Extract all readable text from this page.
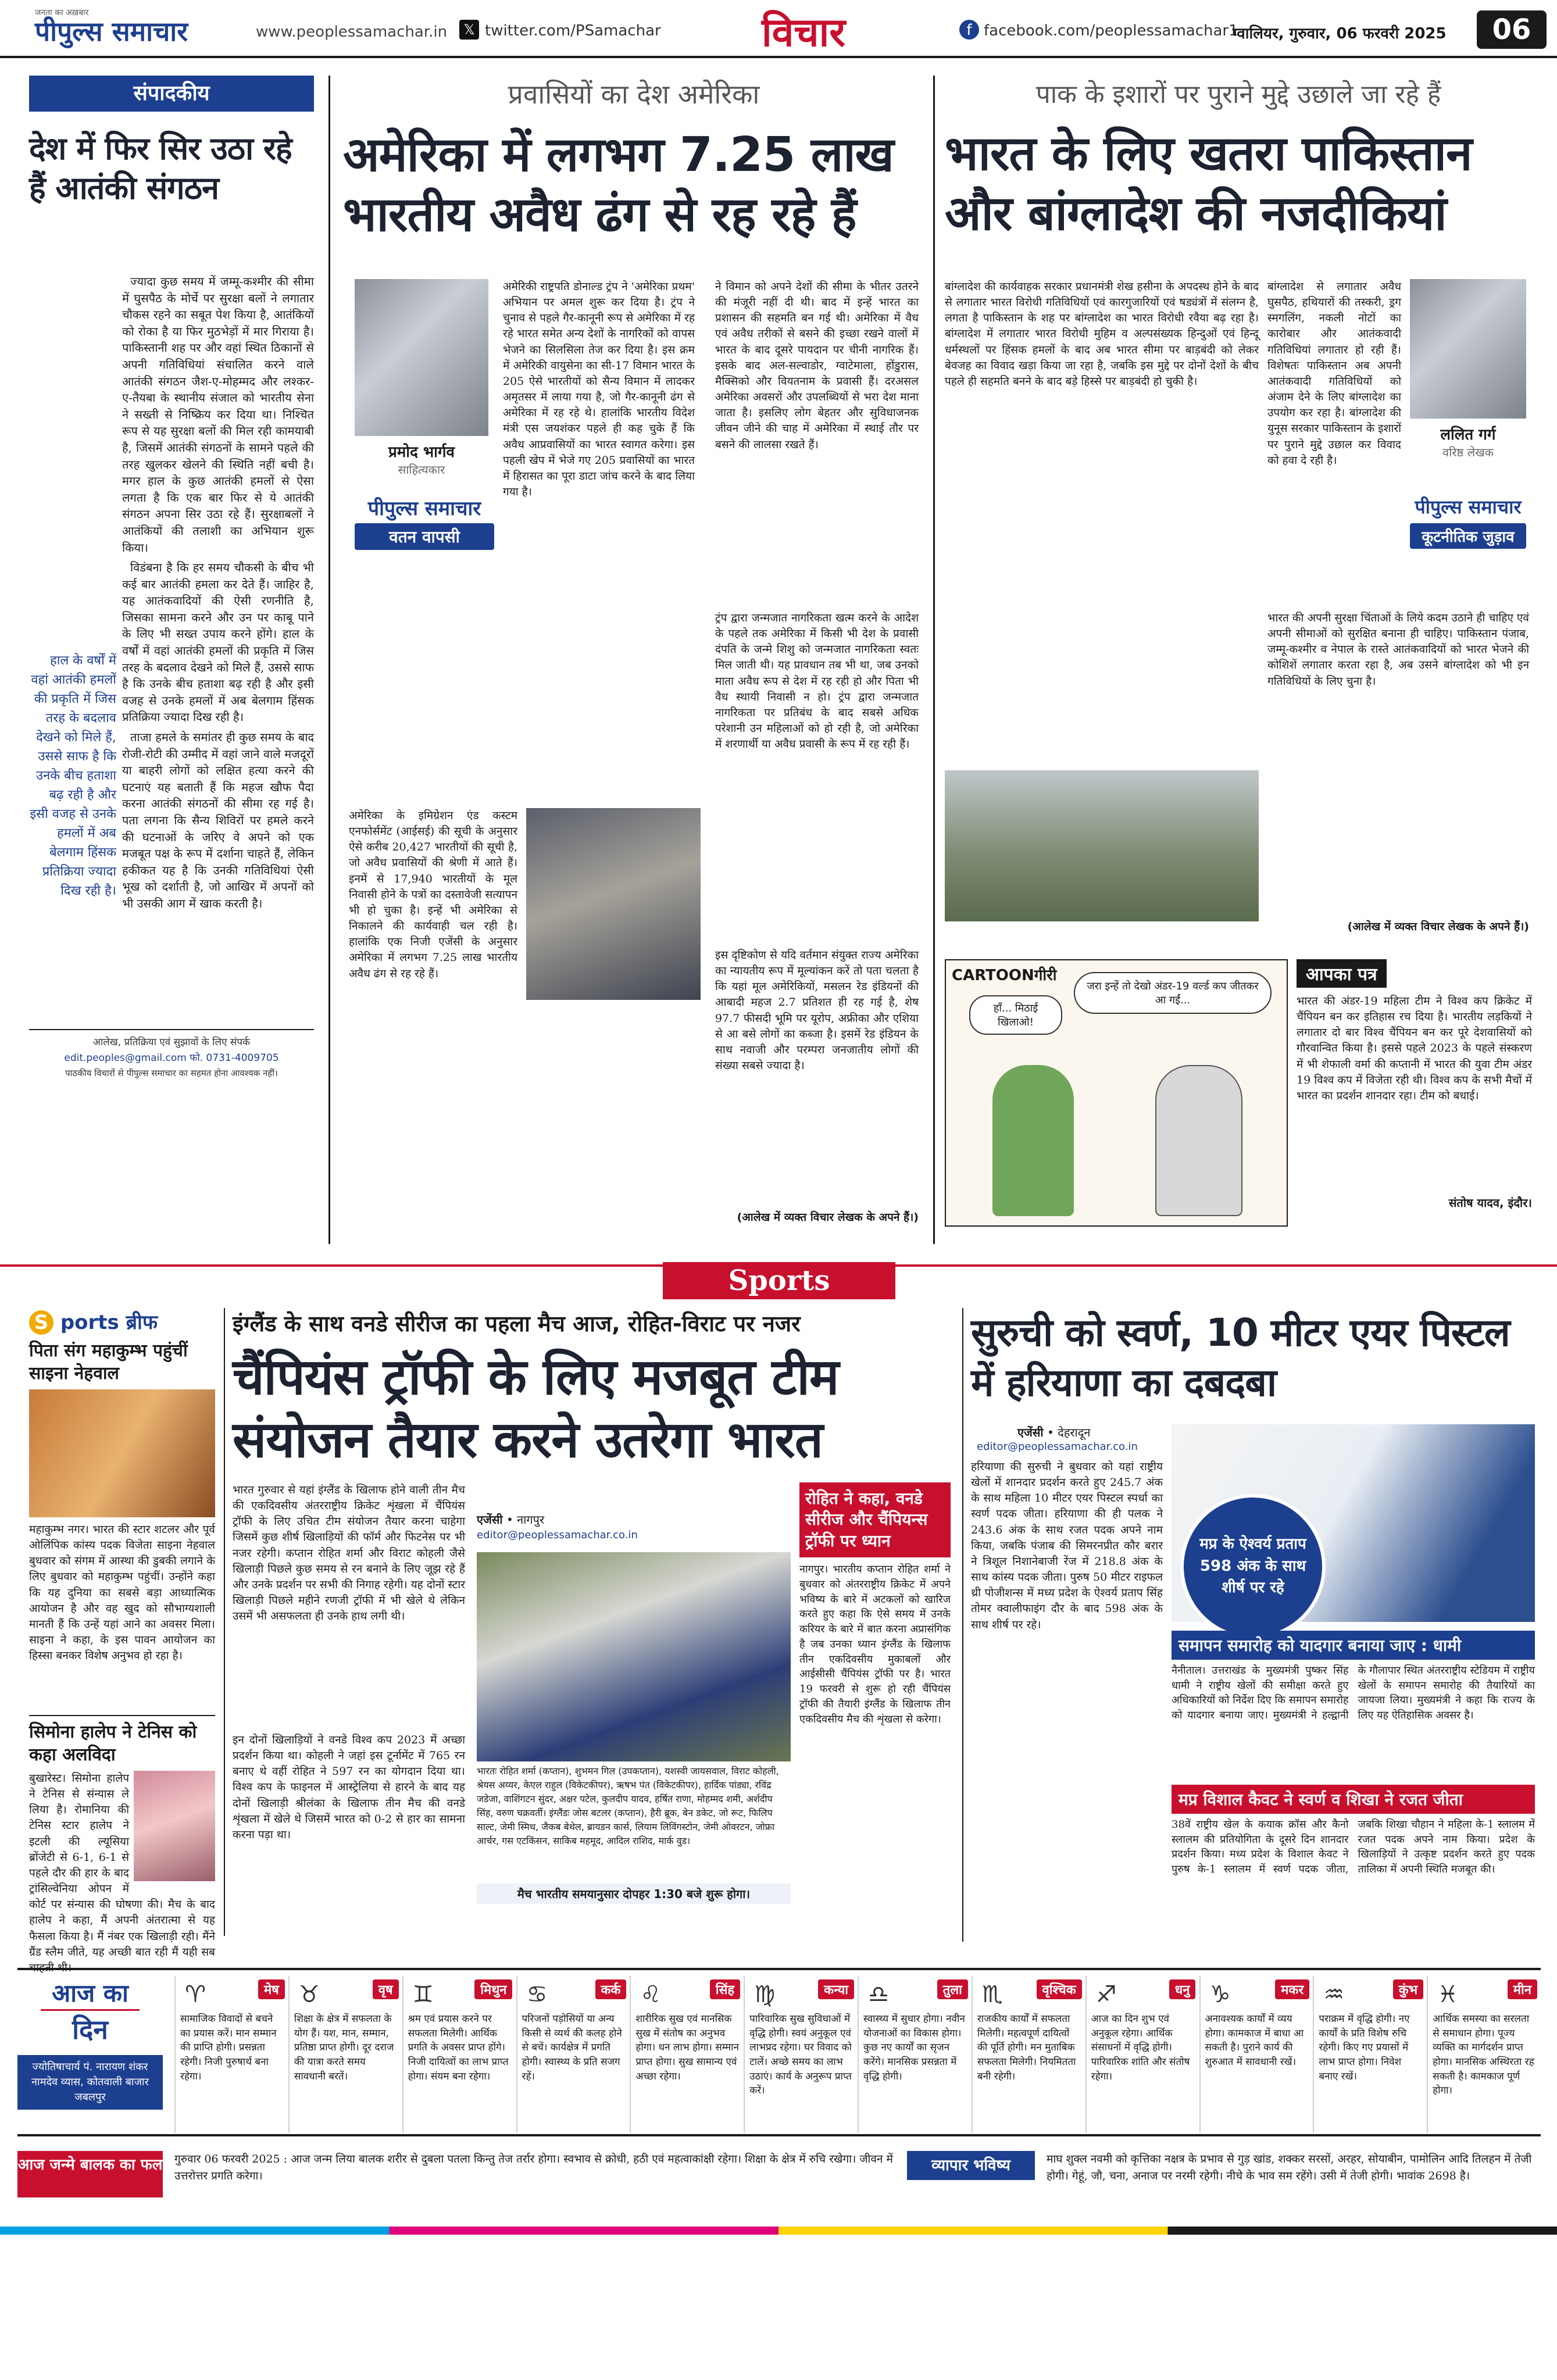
जनता का अख़बार
पीपुल्स समाचार	www.peoplessamachar.in	𝕏 twitter.com/PSamachar	विचार	f facebook.com/peoplessamachar1
ग्वालियर, गुरुवार, 06 फरवरी 2025	06
संपादकीय
देश में फिर सिर उठा रहे हैं आतंकी संगठन
हाल के वर्षों में वहां आतंकी हमलों की प्रकृति में जिस तरह के बदलाव देखने को मिले हैं, उससे साफ है कि उनके बीच हताशा बढ़ रही है और इसी वजह से उनके हमलों में अब बेलगाम हिंसक प्रतिक्रिया ज्यादा दिख रही है।

ज्यादा कुछ समय में जम्मू-कश्मीर की सीमा में घुसपैठ के मोर्चे पर सुरक्षा बलों ने लगातार चौकस रहने का सबूत पेश किया है, आतंकियों को रोका है या फिर मुठभेड़ों में मार गिराया है। पाकिस्तानी शह पर और वहां स्थित ठिकानों से अपनी गतिविधियां संचालित करने वाले आतंकी संगठन जैश-ए-मोहम्मद और लश्कर-ए-तैयबा के स्थानीय संजाल को भारतीय सेना ने सख्ती से निष्क्रिय कर दिया था। निश्चित रूप से यह सुरक्षा बलों की मिल रही कामयाबी है, जिसमें आतंकी संगठनों के सामने पहले की तरह खुलकर खेलने की स्थिति नहीं बची है। मगर हाल के कुछ आतंकी हमलों से ऐसा लगता है कि एक बार फिर से ये आतंकी संगठन अपना सिर उठा रहे हैं। सुरक्षाबलों ने आतंकियों की तलाशी का अभियान शुरू किया।

विडंबना है कि हर समय चौकसी के बीच भी कई बार आतंकी हमला कर देते हैं। जाहिर है, यह आतंकवादियों की ऐसी रणनीति है, जिसका सामना करने और उन पर काबू पाने के लिए भी सख्त उपाय करने होंगे। हाल के वर्षों में वहां आतंकी हमलों की प्रकृति में जिस तरह के बदलाव देखने को मिले हैं, उससे साफ है कि उनके बीच हताशा बढ़ रही है और इसी वजह से उनके हमलों में अब बेलगाम हिंसक प्रतिक्रिया ज्यादा दिख रही है।

ताजा हमले के समांतर ही कुछ समय के बाद रोजी-रोटी की उम्मीद में वहां जाने वाले मजदूरों या बाहरी लोगों को लक्षित हत्या करने की घटनाएं यह बताती हैं कि महज खौफ पैदा करना आतंकी संगठनों की सीमा रह गई है। पता लगना कि सैन्य शिविरों पर हमले करने की घटनाओं के जरिए वे अपने को एक मजबूत पक्ष के रूप में दर्शाना चाहते हैं, लेकिन हकीकत यह है कि उनकी गतिविधियां ऐसी भूख को दर्शाती है, जो आखिर में अपनों को भी उसकी आग में खाक करती है।

आलेख, प्रतिक्रिया एवं सुझावों के लिए संपर्क
edit.peoples@gmail.com फो. 0731-4009705
पाठकीय विचारों से पीपुल्स समाचार का सहमत होना आवश्यक नहीं।
प्रवासियों का देश अमेरिका
अमेरिका में लगभग 7.25 लाख भारतीय अवैध ढंग से रह रहे हैं
प्रमोद भार्गव
साहित्यकार
पीपुल्स समाचार
वतन वापसी
अमेरिकी राष्ट्रपति डोनाल्ड ट्रंप ने 'अमेरिका प्रथम' अभियान पर अमल शुरू कर दिया है। ट्रंप ने चुनाव से पहले गैर-कानूनी रूप से अमेरिका में रह रहे भारत समेत अन्य देशों के नागरिकों को वापस भेजने का सिलसिला तेज कर दिया है। इस क्रम में अमेरिकी वायुसेना का सी-17 विमान भारत के 205 ऐसे भारतीयों को सैन्य विमान में लादकर अमृतसर में लाया गया है, जो गैर-कानूनी ढंग से अमेरिका में रह रहे थे। हालांकि भारतीय विदेश मंत्री एस जयशंकर पहले ही कह चुके हैं कि अवैध आप्रवासियों का भारत स्वागत करेगा। इस पहली खेप में भेजे गए 205 प्रवासियों का भारत में हिरासत का पूरा डाटा जांच करने के बाद लिया गया है।
अमेरिका के इमिग्रेशन एंड कस्टम एनफोर्समेंट (आईसई) की सूची के अनुसार ऐसे करीब 20,427 भारतीयों की सूची है, जो अवैध प्रवासियों की श्रेणी में आते हैं। इनमें से 17,940 भारतीयों के मूल निवासी होने के पत्रों का दस्तावेजी सत्यापन भी हो चुका है। इन्हें भी अमेरिका से निकालने की कार्यवाही चल रही है। हालांकि एक निजी एजेंसी के अनुसार अमेरिका में लगभग 7.25 लाख भारतीय अवैध ढंग से रह रहे हैं।
ने विमान को अपने देशों की सीमा के भीतर उतरने की मंजूरी नहीं दी थी। बाद में इन्हें भारत का प्रशासन की सहमति बन गई थी। अमेरिका में वैध एवं अवैध तरीकों से बसने की इच्छा रखने वालों में भारत के बाद दूसरे पायदान पर चीनी नागरिक हैं। इसके बाद अल-सल्वाडोर, ग्वाटेमाला, होंडुरास, मैक्सिको और वियतनाम के प्रवासी हैं। दरअसल अमेरिका अवसरों और उपलब्धियों से भरा देश माना जाता है। इसलिए लोग बेहतर और सुविधाजनक जीवन जीने की चाह में अमेरिका में स्थाई तौर पर बसने की लालसा रखते हैं।
ट्रंप द्वारा जन्मजात नागरिकता खत्म करने के आदेश के पहले तक अमेरिका में किसी भी देश के प्रवासी दंपति के जन्मे शिशु को जन्मजात नागरिकता स्वतः मिल जाती थी। यह प्रावधान तब भी था, जब उनको माता अवैध रूप से देश में रह रही हो और पिता भी वैध स्थायी निवासी न हो। ट्रंप द्वारा जन्मजात नागरिकता पर प्रतिबंध के बाद सबसे अधिक परेशानी उन महिलाओं को हो रही है, जो अमेरिका में शरणार्थी या अवैध प्रवासी के रूप में रह रही हैं।
इस दृष्टिकोण से यदि वर्तमान संयुक्त राज्य अमेरिका का न्यायतीय रूप में मूल्यांकन करें तो पता चलता है कि यहां मूल अमेरिकियों, मसलन रेड इंडियनों की आबादी महज 2.7 प्रतिशत ही रह गई है, शेष 97.7 फीसदी भूमि पर यूरोप, अफ्रीका और एशिया से आ बसे लोगों का कब्जा है। इसमें रेड इंडियन के साथ नवाजी और परम्परा जनजातीय लोगों की संख्या सबसे ज्यादा है।
(आलेख में व्यक्त विचार लेखक के अपने हैं।)
पाक के इशारों पर पुराने मुद्दे उछाले जा रहे हैं
भारत के लिए खतरा पाकिस्तान और बांग्लादेश की नजदीकियां
बांग्लादेश की कार्यवाहक सरकार प्रधानमंत्री शेख हसीना के अपदस्थ होने के बाद से लगातार भारत विरोधी गतिविधियों एवं कारगुजारियों एवं षड्यंत्रों में संलग्न है, लगता है पाकिस्तान के शह पर बांग्लादेश का भारत विरोधी रवैया बढ़ रहा है। बांग्लादेश में लगातार भारत विरोधी मुहिम व अल्पसंख्यक हिन्दुओं एवं हिन्दू धर्मस्थलों पर हिंसक हमलों के बाद अब भारत सीमा पर बाड़बंदी को लेकर बेवजह का विवाद खड़ा किया जा रहा है, जबकि इस मुद्दे पर दोनों देशों के बीच पहले ही सहमति बनने के बाद बड़े हिस्से पर बाड़बंदी हो चुकी है।
बांग्लादेश से लगातार अवैध घुसपैठ, हथियारों की तस्करी, ड्रग स्मगलिंग, नकली नोटों का कारोबार और आतंकवादी गतिविधियां लगातार हो रही हैं। विशेषतः पाकिस्तान अब अपनी आतंकवादी गतिविधियों को अंजाम देने के लिए बांग्लादेश का उपयोग कर रहा है। बांग्लादेश की युनूस सरकार पाकिस्तान के इशारों पर पुराने मुद्दे उछाल कर विवाद को हवा दे रही है।
ललित गर्ग
वरिष्ठ लेखक
पीपुल्स समाचार
कूटनीतिक जुड़ाव
भारत की अपनी सुरक्षा चिंताओं के लिये कदम उठाने ही चाहिए एवं अपनी सीमाओं को सुरक्षित बनाना ही चाहिए। पाकिस्तान पंजाब, जम्मू-कश्मीर व नेपाल के रास्ते आतंकवादियों को भारत भेजने की कोशिशें लगातार करता रहा है, अब उसने बांग्लादेश को भी इन गतिविधियों के लिए चुना है।
(आलेख में व्यक्त विचार लेखक के अपने हैं।)
CARTOONगीरी
जरा इन्हें तो देखो अंडर-19 वर्ल्ड कप जीतकर आ गईं...
हाँ... मिठाई खिलाओ!
आपका पत्र
भारत की अंडर-19 महिला टीम ने विश्व कप क्रिकेट में चैंपियन बन कर इतिहास रच दिया है। भारतीय लड़कियों ने लगातार दो बार विश्व चैंपियन बन कर पूरे देशवासियों को गौरवान्वित किया है। इससे पहले 2023 के पहले संस्करण में भी शेफाली वर्मा की कप्तानी में भारत की युवा टीम अंडर 19 विश्व कप में विजेता रही थी। विश्व कप के सभी मैचों में भारत का प्रदर्शन शानदार रहा। टीम को बधाई।
संतोष यादव, इंदौर।
Sports
S ports ब्रीफ
पिता संग महाकुम्भ पहुंचीं साइना नेहवाल
महाकुम्भ नगर। भारत की स्टार शटलर और पूर्व ओलिंपिक कांस्य पदक विजेता साइना नेहवाल बुधवार को संगम में आस्था की डुबकी लगाने के लिए बुधवार को महाकुम्भ पहुंचीं। उन्होंने कहा कि यह दुनिया का सबसे बड़ा आध्यात्मिक आयोजन है और वह खुद को सौभाग्यशाली मानती हैं कि उन्हें यहां आने का अवसर मिला। साइना ने कहा, के इस पावन आयोजन का हिस्सा बनकर विशेष अनुभव हो रहा है।
सिमोना हालेप ने टेनिस को कहा अलविदा
बुखारेस्ट। सिमोना हालेप ने टेनिस से संन्यास ले लिया है। रोमानिया की टेनिस स्टार हालेप ने इटली की ल्यूसिया ब्रोंजेटी से 6-1, 6-1 से पहले दौर की हार के बाद ट्रांसिल्वेनिया ओपन में कोर्ट पर संन्यास की घोषणा की। मैच के बाद हालेप ने कहा, मैं अपनी अंतरात्मा से यह फैसला किया है। मैं नंबर एक खिलाड़ी रही। मैंने ग्रैंड स्लैम जीते, यह अच्छी बात रही मैं यही सब चाहती थी।
इंग्लैंड के साथ वनडे सीरीज का पहला मैच आज, रोहित-विराट पर नजर
चैंपियंस ट्रॉफी के लिए मजबूत टीम संयोजन तैयार करने उतरेगा भारत
एजेंसी • नागपुर
editor@peoplessamachar.co.in
भारत गुरुवार से यहां इंग्लैंड के खिलाफ होने वाली तीन मैच की एकदिवसीय अंतरराष्ट्रीय क्रिकेट शृंखला में चैंपियंस ट्रॉफी के लिए उचित टीम संयोजन तैयार करना चाहेगा जिसमें कुछ शीर्ष खिलाड़ियों की फॉर्म और फिटनेस पर भी नजर रहेगी। कप्तान रोहित शर्मा और विराट कोहली जैसे खिलाड़ी पिछले कुछ समय से रन बनाने के लिए जूझ रहे हैं और उनके प्रदर्शन पर सभी की निगाह रहेगी। यह दोनों स्टार खिलाड़ी पिछले महीने रणजी ट्रॉफी में भी खेले थे लेकिन उसमें भी असफलता ही उनके हाथ लगी थी।
इन दोनों खिलाड़ियों ने वनडे विश्व कप 2023 में अच्छा प्रदर्शन किया था। कोहली ने जहां इस टूर्नामेंट में 765 रन बनाए थे वहीं रोहित ने 597 रन का योगदान दिया था। विश्व कप के फाइनल में आस्ट्रेलिया से हारने के बाद यह दोनों खिलाड़ी श्रीलंका के खिलाफ तीन मैच की वनडे शृंखला में खेले थे जिसमें भारत को 0-2 से हार का सामना करना पड़ा था।
भारतः रोहित शर्मा (कप्तान), शुभमन गिल (उपकप्तान), यशस्वी जायसवाल, विराट कोहली, श्रेयस अय्यर, केएल राहुल (विकेटकीपर), ऋषभ पंत (विकेटकीपर), हार्दिक पांड्या, रविंद्र जडेजा, वाशिंगटन सुंदर, अक्षर पटेल, कुलदीप यादव, हर्षित राणा, मोहम्मद शमी, अर्शदीप सिंह, वरुण चक्रवर्ती। इंग्लैंडः जोस बटलर (कप्तान), हैरी ब्रूक, बेन डकेट, जो रूट, फिलिप साल्ट, जेमी स्मिथ, जैकब बेथेल, ब्रायडन कार्स, लियाम लिविंगस्टोन, जेमी ओवरटन, जोफ्रा आर्चर, गस एटकिंसन, साकिब महमूद, आदिल राशिद, मार्क वुड।
मैच भारतीय समयानुसार दोपहर 1:30 बजे शुरू होगा।
रोहित ने कहा, वनडे सीरीज और चैंपियन्स ट्रॉफी पर ध्यान
नागपुर। भारतीय कप्तान रोहित शर्मा ने बुधवार को अंतरराष्ट्रीय क्रिकेट में अपने भविष्य के बारे में अटकलों को खारिज करते हुए कहा कि ऐसे समय में उनके करियर के बारे में बात करना अप्रासंगिक है जब उनका ध्यान इंग्लैंड के खिलाफ तीन एकदिवसीय मुकाबलों और आईसीसी चैंपियंस ट्रॉफी पर है। भारत 19 फरवरी से शुरू हो रही चैंपियंस ट्रॉफी की तैयारी इंग्लैंड के खिलाफ तीन एकदिवसीय मैच की शृंखला से करेगा।
सुरुची को स्वर्ण, 10 मीटर एयर पिस्टल में हरियाणा का दबदबा
एजेंसी • देहरादून
editor@peoplessamachar.co.in
हरियाणा की सुरुची ने बुधवार को यहां राष्ट्रीय खेलों में शानदार प्रदर्शन करते हुए 245.7 अंक के साथ महिला 10 मीटर एयर पिस्टल स्पर्धा का स्वर्ण पदक जीता। हरियाणा की ही पलक ने 243.6 अंक के साथ रजत पदक अपने नाम किया, जबकि पंजाब की सिमरनप्रीत कौर बरार ने त्रिशूल निशानेबाजी रेंज में 218.8 अंक के साथ कांस्य पदक जीता। पुरुष 50 मीटर राइफल थ्री पोजीशन्स में मध्य प्रदेश के ऐश्वर्य प्रताप सिंह तोमर क्वालीफाइंग दौर के बाद 598 अंक के साथ शीर्ष पर रहे।
मप्र के ऐश्वर्य प्रताप 598 अंक के साथ शीर्ष पर रहे
समापन समारोह को यादगार बनाया जाए : धामी
नैनीताल। उत्तराखंड के मुख्यमंत्री पुष्कर सिंह धामी ने राष्ट्रीय खेलों की समीक्षा करते हुए अधिकारियों को निर्देश दिए कि समापन समारोह को यादगार बनाया जाए। मुख्यमंत्री ने हल्द्वानी के गौलापार स्थित अंतरराष्ट्रीय स्टेडियम में राष्ट्रीय खेलों के समापन समारोह की तैयारियों का जायजा लिया। मुख्यमंत्री ने कहा कि राज्य के लिए यह ऐतिहासिक अवसर है।
मप्र विशाल कैवट ने स्वर्ण व शिखा ने रजत जीता
38वें राष्ट्रीय खेल के कयाक क्रॉस और कैनो स्लालम की प्रतियोगिता के दूसरे दिन शानदार प्रदर्शन किया। मध्य प्रदेश के विशाल केवट ने पुरुष के-1 स्लालम में स्वर्ण पदक जीता, जबकि शिखा चौहान ने महिला के-1 स्लालम में रजत पदक अपने नाम किया। प्रदेश के खिलाड़ियों ने उत्कृष्ट प्रदर्शन करते हुए पदक तालिका में अपनी स्थिति मजबूत की।
आज का
दिन
ज्योतिषाचार्य पं. नारायण शंकर नामदेव व्यास, कोतवाली बाजार जबलपुर
♈	मेष
सामाजिक विवादों से बचने का प्रयास करें। मान सम्मान की प्राप्ति होगी। प्रसन्नता रहेगी। निजी पुरुषार्थ बना रहेगा।
♉	वृष
शिक्षा के क्षेत्र में सफलता के योग हैं। यश, मान, सम्मान, प्रतिष्ठा प्राप्त होगी। दूर दराज की यात्रा करते समय सावधानी बरतें।
♊	मिथुन
श्रम एवं प्रयास करने पर सफलता मिलेगी। आर्थिक प्रगति के अवसर प्राप्त होंगे। निजी दायित्वों का लाभ प्राप्त होगा। संयम बना रहेगा।
♋	कर्क
परिजनों पड़ोसियों या अन्य किसी से व्यर्थ की कलह होने से बचें। कार्यक्षेत्र में प्रगति होगी। स्वास्थ्य के प्रति सजग रहें।
♌	सिंह
शारीरिक सुख एवं मानसिक सुख में संतोष का अनुभव होगा। धन लाभ होगा। सम्मान प्राप्त होगा। सुख सामान्य एवं अच्छा रहेगा।
♍	कन्या
पारिवारिक सुख सुविधाओं में वृद्धि होगी। स्वयं अनुकूल एवं लाभप्रद रहेगा। घर विवाद को टालें। अच्छे समय का लाभ उठाएं। कार्य के अनुरूप प्राप्त करें।
♎	तुला
स्वास्थ्य में सुधार होगा। नवीन योजनाओं का विकास होगा। कुछ नए कार्यों का सृजन करेंगे। मानसिक प्रसन्नता में वृद्धि होगी।
♏	वृश्चिक
राजकीय कार्यों में सफलता मिलेगी। महत्वपूर्ण दायित्वों की पूर्ति होगी। मन मुताबिक सफलता मिलेगी। नियमितता बनी रहेगी।
♐	धनु
आज का दिन शुभ एवं अनुकूल रहेगा। आर्थिक संसाधनों में वृद्धि होगी। पारिवारिक शांति और संतोष रहेगा।
♑	मकर
अनावश्यक कार्यों में व्यय होगा। कामकाज में बाधा आ सकती है। पुराने कार्य की शुरुआत में सावधानी रखें।
♒	कुंभ
पराक्रम में वृद्धि होगी। नए कार्यों के प्रति विशेष रुचि रहेगी। किए गए प्रयासों में लाभ प्राप्त होगा। निवेश बनाए रखें।
♓	मीन
आर्थिक समस्या का सरलता से समाधान होगा। पूज्य व्यक्ति का मार्गदर्शन प्राप्त होगा। मानसिक अस्थिरता रह सकती है। कामकाज पूर्ण होगा।
आज जन्मे बालक का फल गुरुवार 06 फरवरी 2025 : आज जन्म लिया बालक शरीर से दुबला पतला किन्तु तेज तर्रार होगा। स्वभाव से क्रोधी, हठी एवं महत्वाकांक्षी रहेगा। शिक्षा के क्षेत्र में रुचि रखेगा। जीवन में उत्तरोत्तर प्रगति करेगा।
व्यापार भविष्य	माघ शुक्ल नवमी को कृत्तिका नक्षत्र के प्रभाव से गुड़ खांड, शक्कर सरसों, अरहर, सोयाबीन, पामोलिन आदि तिलहन में तेजी होगी। गेहूं, जौ, चना, अनाज पर नरमी रहेगी। नीचे के भाव सम रहेंगे। उसी में तेजी होगी। भावांक 2698 है।
